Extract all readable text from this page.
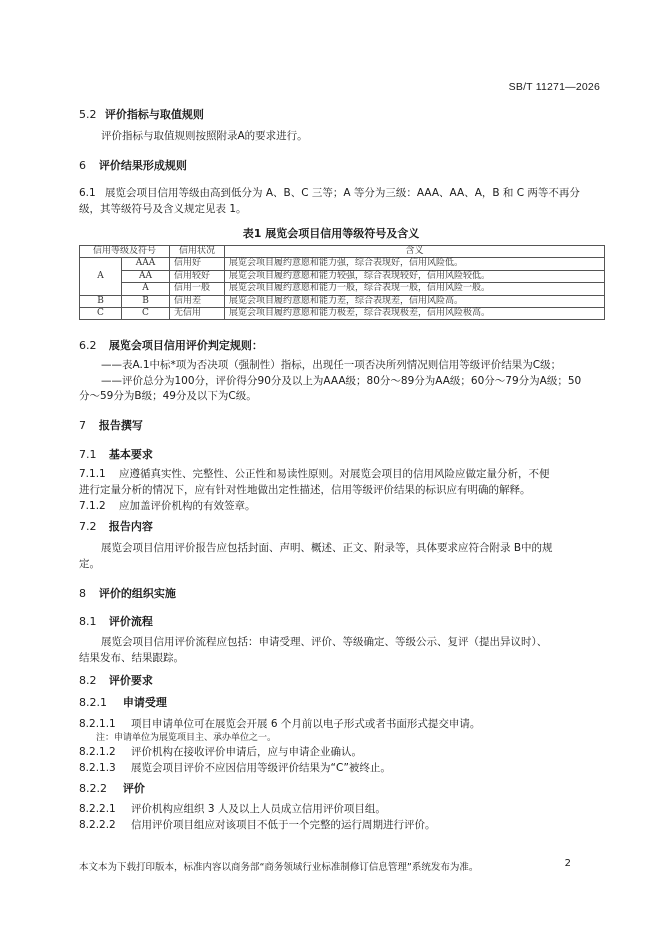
SB/T 11271—2026
5.2 评价指标与取值规则
评价指标与取值规则按照附录A的要求进行。
6 评价结果形成规则
6.1 展览会项目信用等级由高到低分为 A、B、C 三等；A 等分为三级：AAA、AA、A，B 和 C 两等不再分
级，其等级符号及含义规定见表 1。
表1 展览会项目信用等级符号及含义
信用等级及符号		信用状况	含义
A	AAA	信用好	展览会项目履约意愿和能力强，综合表现好，信用风险低。
	AA	信用较好	展览会项目履约意愿和能力较强，综合表现较好，信用风险较低。
	A	信用一般	展览会项目履约意愿和能力一般，综合表现一般，信用风险一般。
B	B	信用差	展览会项目履约意愿和能力差，综合表现差，信用风险高。
C	C	无信用	展览会项目履约意愿和能力极差，综合表现极差，信用风险极高。
6.2 展览会项目信用评价判定规则：
——表A.1中标*项为否决项（强制性）指标，出现任一项否决所列情况则信用等级评价结果为C级；
——评价总分为100分，评价得分90分及以上为AAA级；80分～89分为AA级；60分～79分为A级；50
分～59分为B级；49分及以下为C级。
7 报告撰写
7.1 基本要求
7.1.1 应遵循真实性、完整性、公正性和易读性原则。对展览会项目的信用风险应做定量分析，不便
进行定量分析的情况下，应有针对性地做出定性描述，信用等级评价结果的标识应有明确的解释。
7.1.2 应加盖评价机构的有效签章。
7.2 报告内容
展览会项目信用评价报告应包括封面、声明、概述、正文、附录等，具体要求应符合附录 B中的规
定。
8 评价的组织实施
8.1 评价流程
展览会项目信用评价流程应包括：申请受理、评价、等级确定、等级公示、复评（提出异议时）、
结果发布、结果跟踪。
8.2 评价要求
8.2.1 申请受理
8.2.1.1 项目申请单位可在展览会开展 6 个月前以电子形式或者书面形式提交申请。
注：申请单位为展览项目主、承办单位之一。
8.2.1.2 评价机构在接收评价申请后，应与申请企业确认。
8.2.1.3 展览会项目评价不应因信用等级评价结果为“C”被终止。
8.2.2 评价
8.2.2.1 评价机构应组织 3 人及以上人员成立信用评价项目组。
8.2.2.2 信用评价项目组应对该项目不低于一个完整的运行周期进行评价。
本文本为下载打印版本，标准内容以商务部“商务领域行业标准制修订信息管理”系统发布为准。	2
